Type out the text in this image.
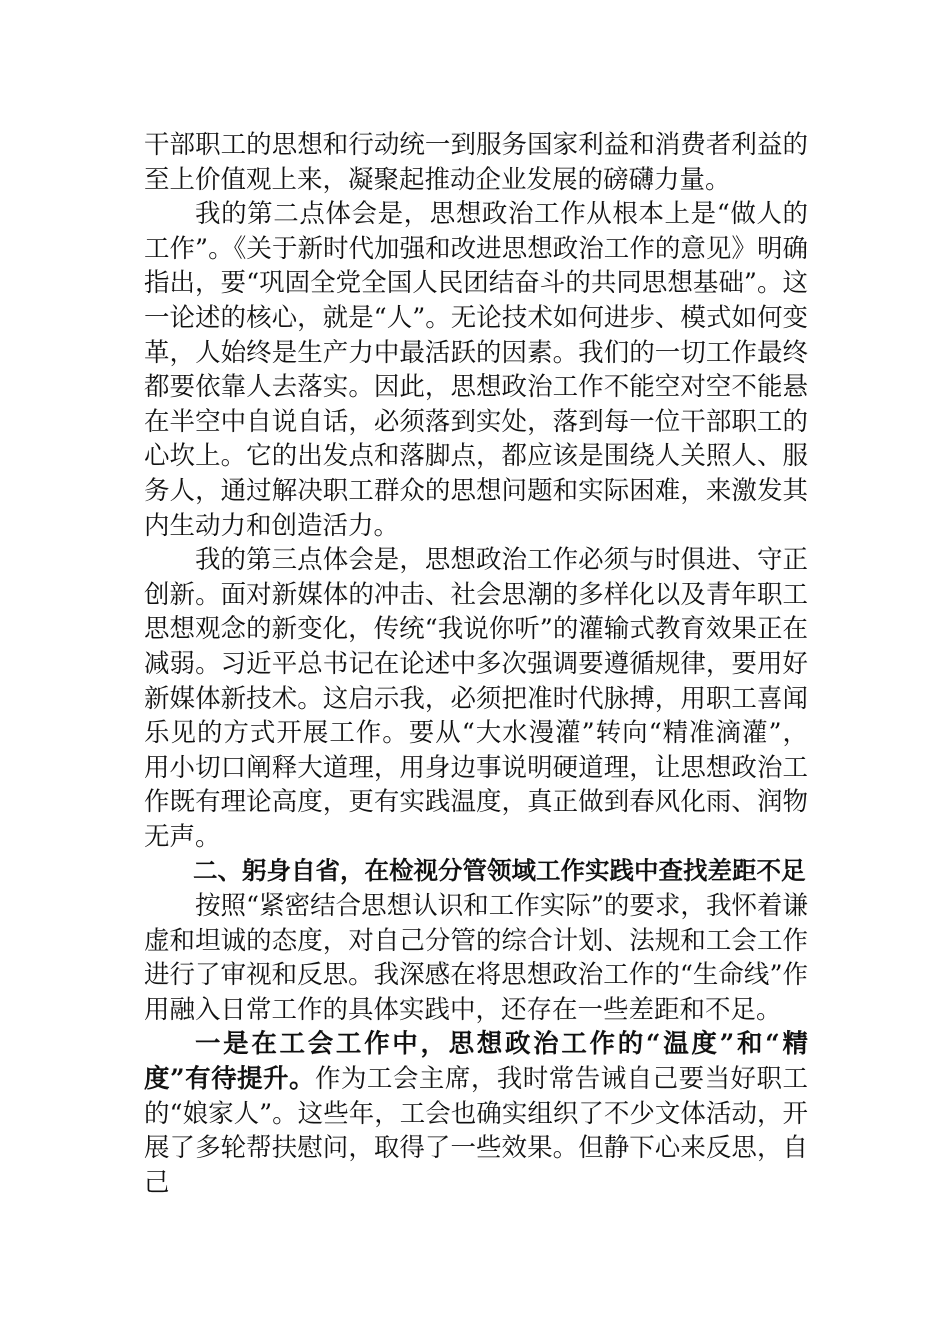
干部职工的思想和行动统一到服务国家利益和消费者利益的至上价值观上来，凝聚起推动企业发展的磅礴力量。

我的第二点体会是，思想政治工作从根本上是“做人的工作”。《关于新时代加强和改进思想政治工作的意见》明确指出，要“巩固全党全国人民团结奋斗的共同思想基础”。这一论述的核心，就是“人”。无论技术如何进步、模式如何变革，人始终是生产力中最活跃的因素。我们的一切工作最终都要依靠人去落实。因此，思想政治工作不能空对空不能悬在半空中自说自话，必须落到实处，落到每一位干部职工的心坎上。它的出发点和落脚点，都应该是围绕人关照人、服务人，通过解决职工群众的思想问题和实际困难，来激发其内生动力和创造活力。

我的第三点体会是，思想政治工作必须与时俱进、守正创新。面对新媒体的冲击、社会思潮的多样化以及青年职工思想观念的新变化，传统“我说你听”的灌输式教育效果正在减弱。习近平总书记在论述中多次强调要遵循规律，要用好新媒体新技术。这启示我，必须把准时代脉搏，用职工喜闻乐见的方式开展工作。要从“大水漫灌”转向“精准滴灌”，用小切口阐释大道理，用身边事说明硬道理，让思想政治工作既有理论高度，更有实践温度，真正做到春风化雨、润物无声。

二、躬身自省，在检视分管领域工作实践中查找差距不足

按照“紧密结合思想认识和工作实际”的要求，我怀着谦虚和坦诚的态度，对自己分管的综合计划、法规和工会工作进行了审视和反思。我深感在将思想政治工作的“生命线”作用融入日常工作的具体实践中，还存在一些差距和不足。

一是在工会工作中，思想政治工作的“温度”和“精度”有待提升。作为工会主席，我时常告诫自己要当好职工的“娘家人”。这些年，工会也确实组织了不少文体活动，开展了多轮帮扶慰问，取得了一些效果。但静下心来反思，自己
